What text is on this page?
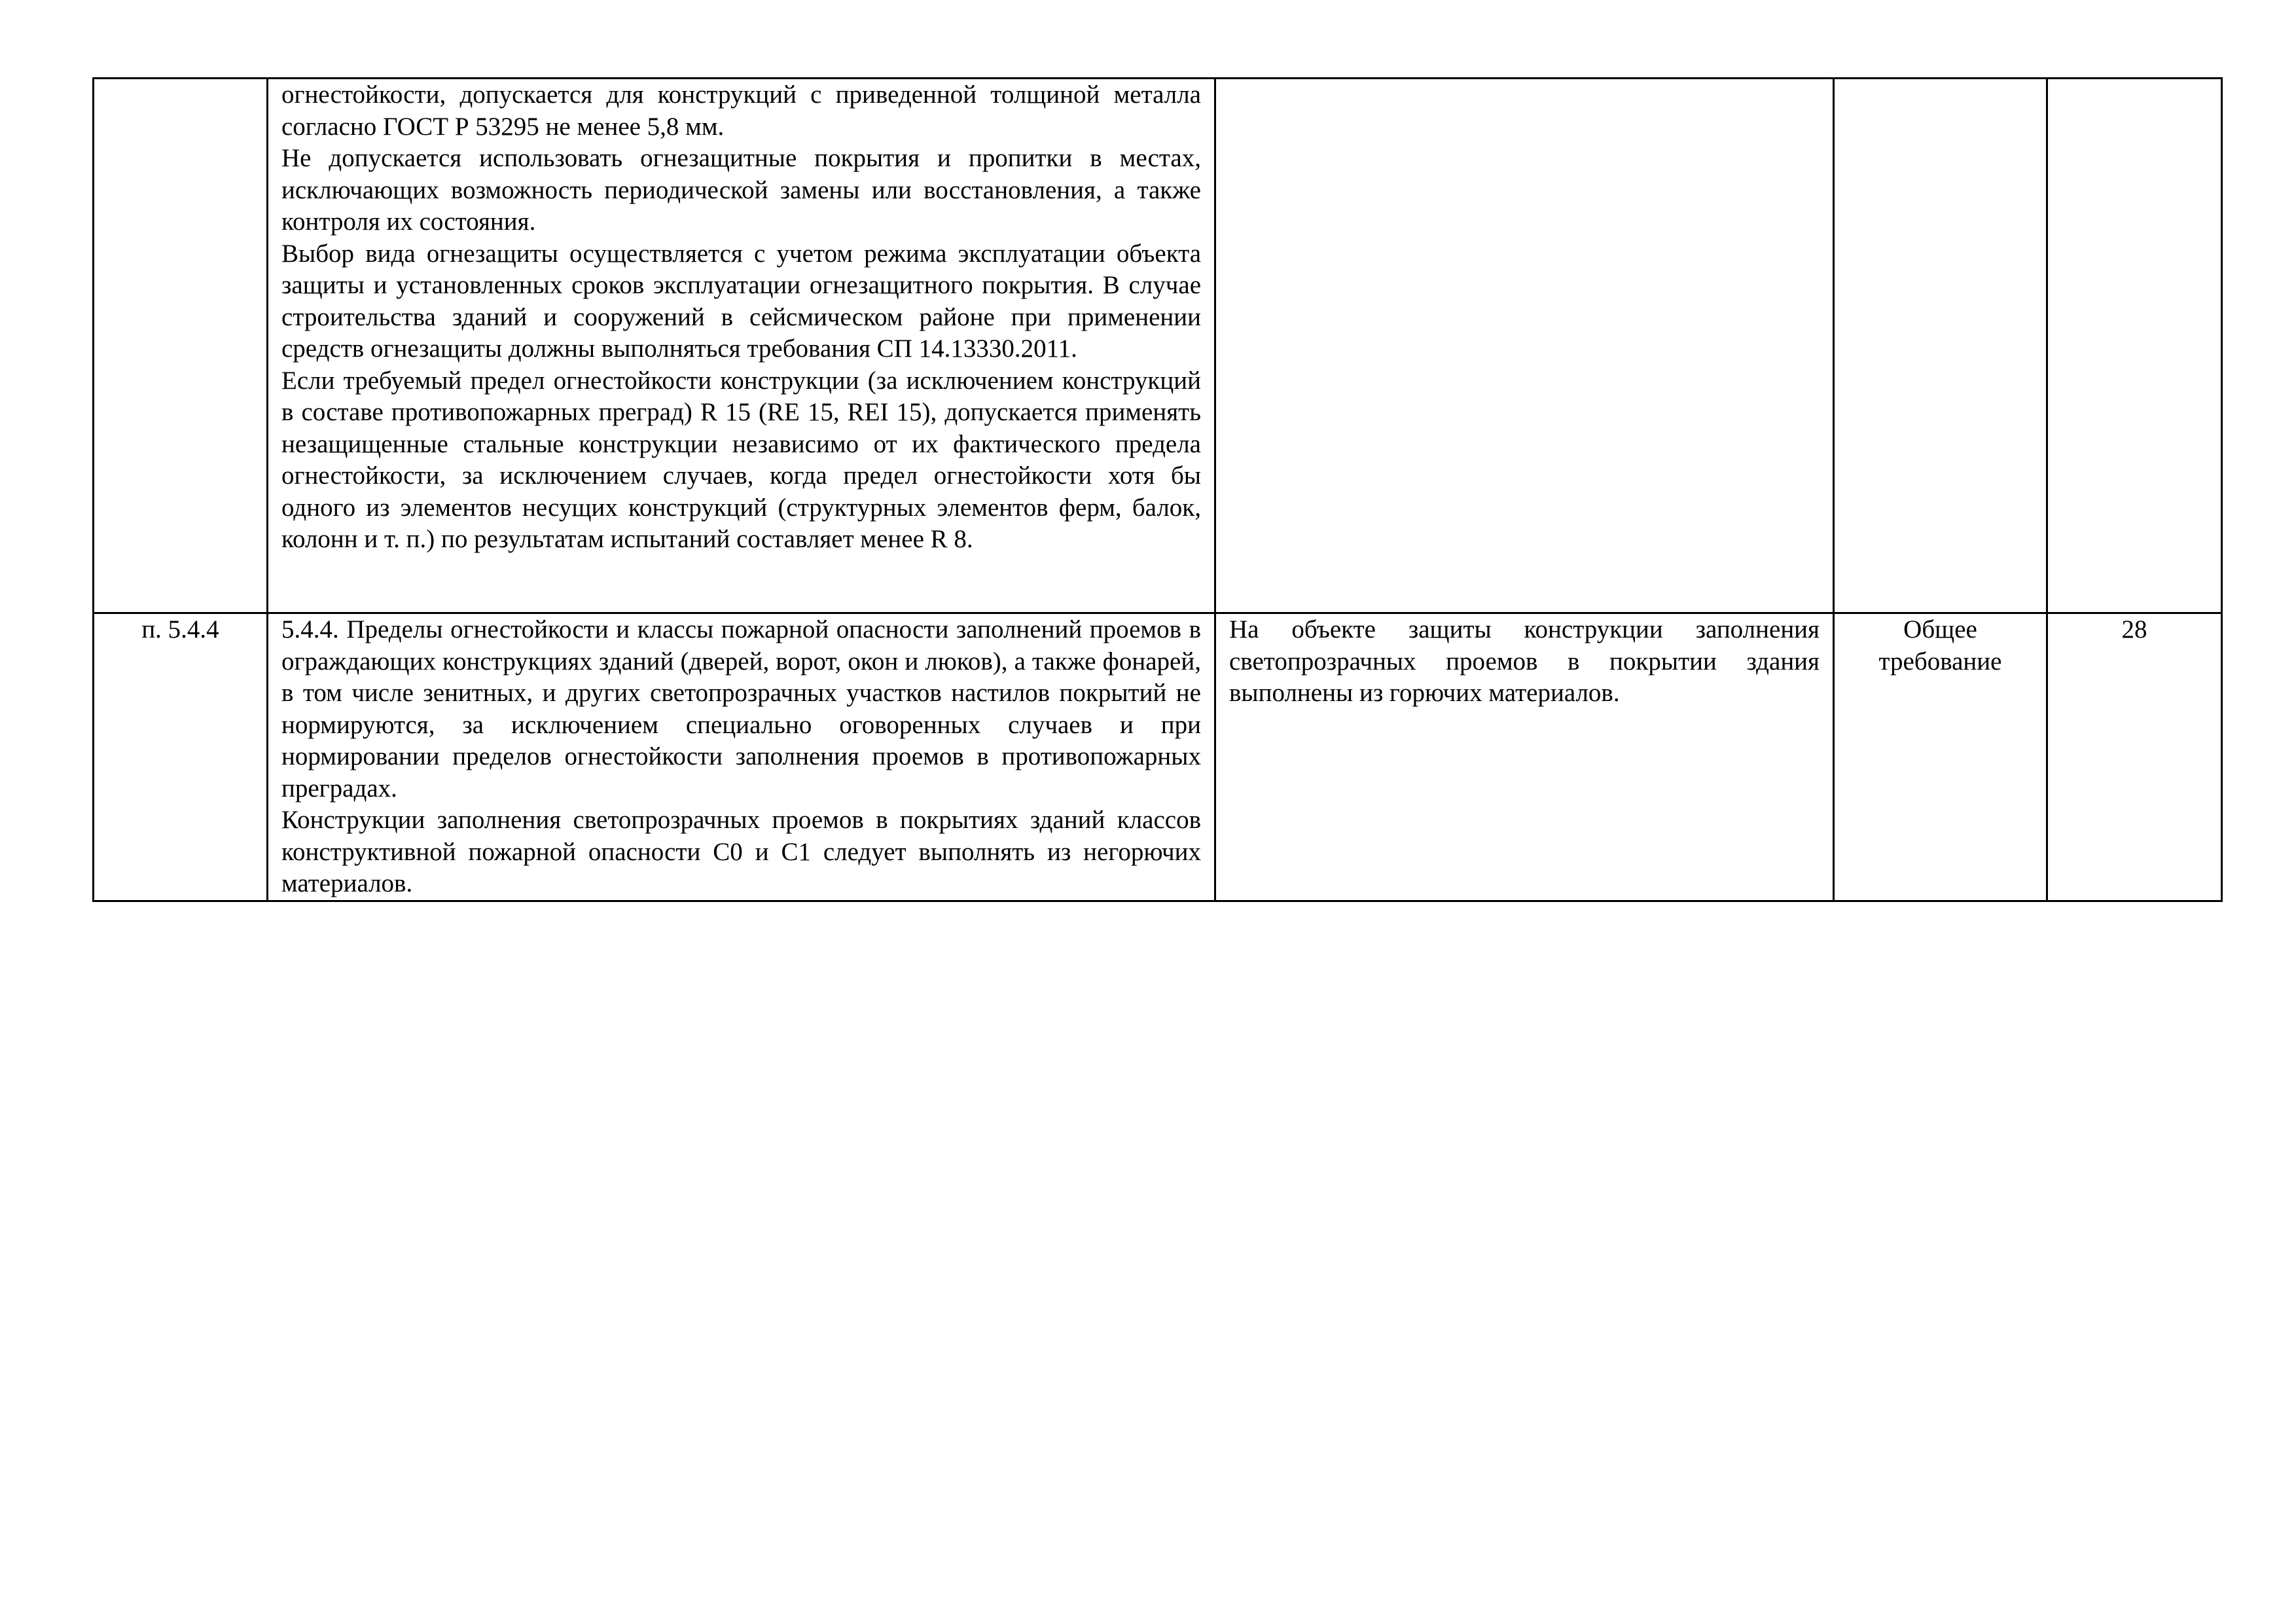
	огнестойкости, допускается для конструкций с приведенной толщиной металла согласно ГОСТ Р 53295 не менее 5,8 мм.

Не допускается использовать огнезащитные покрытия и пропитки в местах, исключающих возможность периодической замены или восстановления, а также контроля их состояния.

Выбор вида огнезащиты осуществляется с учетом режима эксплуатации объекта защиты и установленных сроков эксплуатации огнезащитного покрытия. В случае строительства зданий и сооружений в сейсмическом районе при применении средств огнезащиты должны выполняться требования СП 14.13330.2011.

Если требуемый предел огнестойкости конструкции (за исключением конструкций в составе противопожарных преград) R 15 (RE 15, REI 15), допускается применять незащищенные стальные конструкции независимо от их фактического предела огнестойкости, за исключением случаев, когда предел огнестойкости хотя бы одного из элементов несущих конструкций (структурных элементов ферм, балок, колонн и т. п.) по результатам испытаний составляет менее R 8.			

п. 5.4.4	5.4.4. Пределы огнестойкости и классы пожарной опасности заполнений проемов в ограждающих конструкциях зданий (дверей, ворот, окон и люков), а также фонарей, в том числе зенитных, и других светопрозрачных участков настилов покрытий не нормируются, за исключением специально оговоренных случаев и при нормировании пределов огнестойкости заполнения проемов в противопожарных преградах.

Конструкции заполнения светопрозрачных проемов в покрытиях зданий классов конструктивной пожарной опасности С0 и С1 следует выполнять из негорючих материалов.	На объекте защиты конструкции заполнения светопрозрачных проемов в покрытии здания выполнены из горючих материалов.	Общее требование	28
